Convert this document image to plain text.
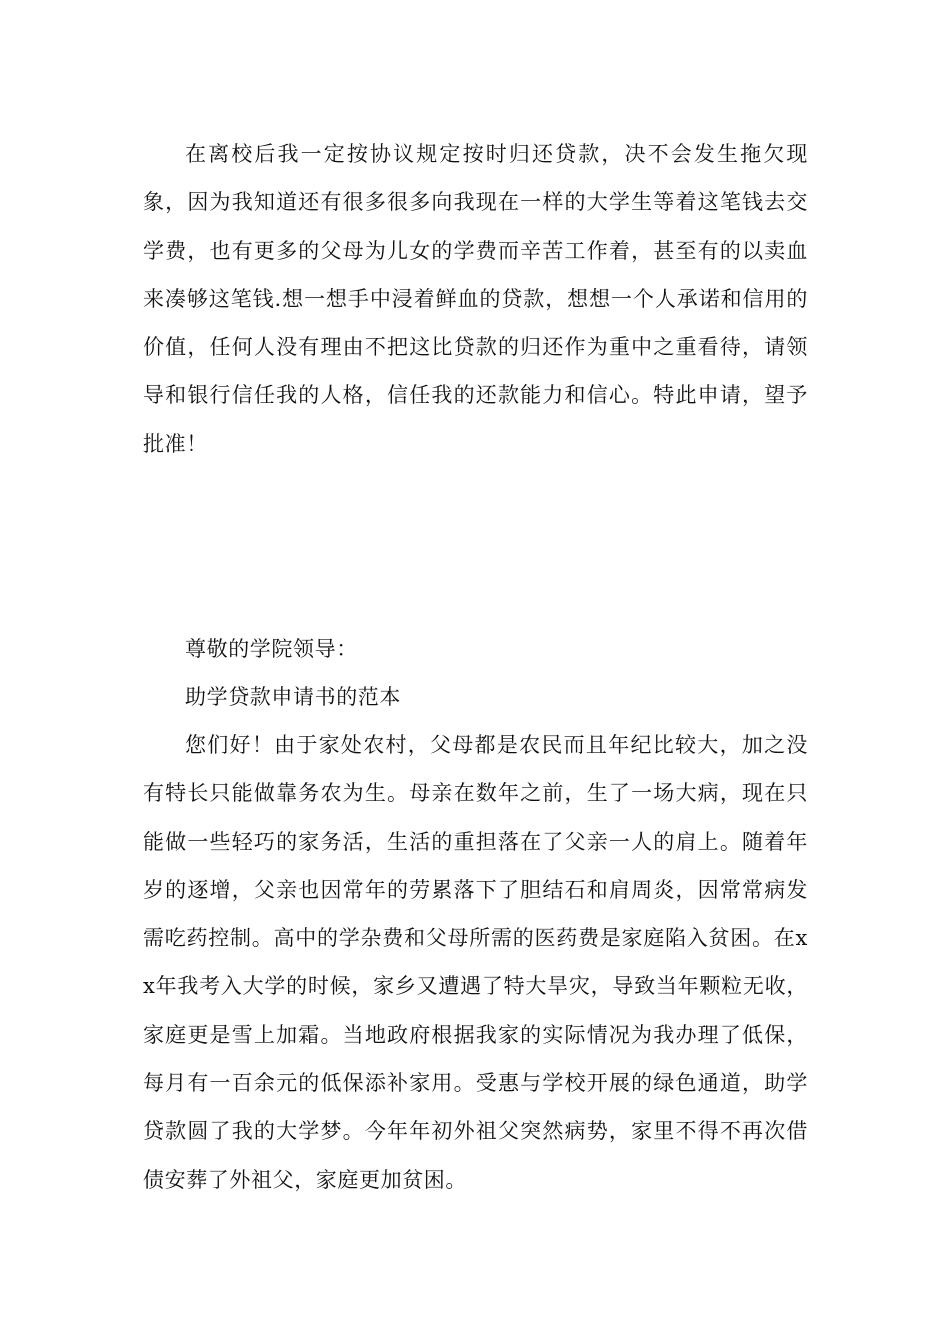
在离校后我一定按协议规定按时归还贷款，决不会发生拖欠现象，因为我知道还有很多很多向我现在一样的大学生等着这笔钱去交学费，也有更多的父母为儿女的学费而辛苦工作着，甚至有的以卖血来凑够这笔钱.想一想手中浸着鲜血的贷款，想想一个人承诺和信用的价值，任何人没有理由不把这比贷款的归还作为重中之重看待，请领导和银行信任我的人格，信任我的还款能力和信心。特此申请，望予批准！

尊敬的学院领导：

助学贷款申请书的范本

您们好！由于家处农村，父母都是农民而且年纪比较大，加之没有特长只能做靠务农为生。母亲在数年之前，生了一场大病，现在只能做一些轻巧的家务活，生活的重担落在了父亲一人的肩上。随着年岁的逐增，父亲也因常年的劳累落下了胆结石和肩周炎，因常常病发需吃药控制。高中的学杂费和父母所需的医药费是家庭陷入贫困。在xx年我考入大学的时候，家乡又遭遇了特大旱灾，导致当年颗粒无收，家庭更是雪上加霜。当地政府根据我家的实际情况为我办理了低保，每月有一百余元的低保添补家用。受惠与学校开展的绿色通道，助学贷款圆了我的大学梦。今年年初外祖父突然病势，家里不得不再次借债安葬了外祖父，家庭更加贫困。
